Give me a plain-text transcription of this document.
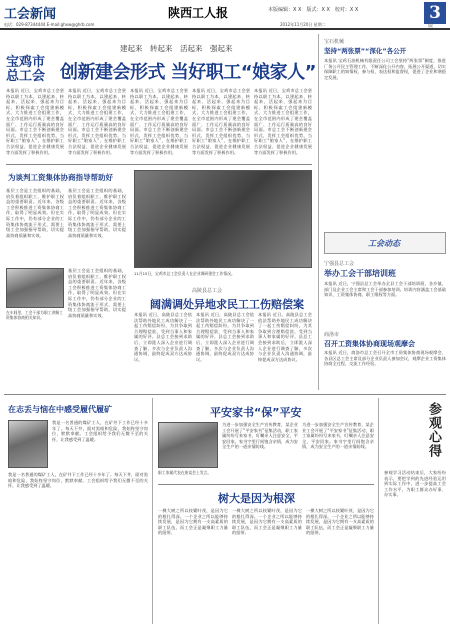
工会新闻	陕西工人报	本版编辑：X X　版式：X X　校对：X X	3
版
电话：029-87344444 E-mail:ghxw@ghrb.com	2012年11月20日 星期二
建起来　转起来　活起来　强起来
宝鸡市总工会 创新建会形式 当好职工“娘家人”
本报讯 近日，宝鸡市总工会坚持以职工为本，以建起来、转起来、活起来、强起来为目标，积极探索工会组建新模式，大力推进工会组建工作，在全市范围内形成了建会覆盖面广、工作运行质量高的良好局面。市总工会不断创新建会形式，发挥工会组织优势，当好职工“娘家人”，在维护职工合法权益、促进企业健康发展等方面发挥了积极作用。
本报讯 近日，宝鸡市总工会坚持以职工为本，以建起来、转起来、活起来、强起来为目标，积极探索工会组建新模式，大力推进工会组建工作，在全市范围内形成了建会覆盖面广、工作运行质量高的良好局面。市总工会不断创新建会形式，发挥工会组织优势，当好职工“娘家人”，在维护职工合法权益、促进企业健康发展等方面发挥了积极作用。
本报讯 近日，宝鸡市总工会坚持以职工为本，以建起来、转起来、活起来、强起来为目标，积极探索工会组建新模式，大力推进工会组建工作，在全市范围内形成了建会覆盖面广、工作运行质量高的良好局面。市总工会不断创新建会形式，发挥工会组织优势，当好职工“娘家人”，在维护职工合法权益、促进企业健康发展等方面发挥了积极作用。
本报讯 近日，宝鸡市总工会坚持以职工为本，以建起来、转起来、活起来、强起来为目标，积极探索工会组建新模式，大力推进工会组建工作，在全市范围内形成了建会覆盖面广、工作运行质量高的良好局面。市总工会不断创新建会形式，发挥工会组织优势，当好职工“娘家人”，在维护职工合法权益、促进企业健康发展等方面发挥了积极作用。
本报讯 近日，宝鸡市总工会坚持以职工为本，以建起来、转起来、活起来、强起来为目标，积极探索工会组建新模式，大力推进工会组建工作，在全市范围内形成了建会覆盖面广、工作运行质量高的良好局面。市总工会不断创新建会形式，发挥工会组织优势，当好职工“娘家人”，在维护职工合法权益、促进企业健康发展等方面发挥了积极作用。
为谈判工资集体协商指导帮助好
基层工会是工会组织的基础，肩负着组织职工、维护职工权益的重要职责。近年来，各级工会积极推进工资集体协商工作，取得了明显成效。但在实际工作中，仍有部分企业的工资集体协商流于形式，需要上级工会加强指导帮助，切实提高协商质量和实效。
基层工会是工会组织的基础，肩负着组织职工、维护职工权益的重要职责。近年来，各级工会积极推进工资集体协商工作，取得了明显成效。但在实际工作中，仍有部分企业的工资集体协商流于形式，需要上级工会加强指导帮助，切实提高协商质量和实效。
在车间里，工会干部为职工讲解工资集体协商相关知识。
基层工会是工会组织的基础，肩负着组织职工、维护职工权益的重要职责。近年来，各级工会积极推进工资集体协商工作，取得了明显成效。但在实际工作中，仍有部分企业的工资集体协商流于形式，需要上级工会加强指导帮助，切实提高协商质量和实效。
11月15日，宝鸡市总工会负责人在企业调研建会工作情况。
高陵县总工会
阔满调处异地求民工工伤赔偿案
本报讯 近日，高陵县总工会依法帮助外地民工成功解决了一起工伤赔偿纠纷，为其争取到合理赔偿款，受到当事人和家属的好评。县总工会接到求助后，立即派人深入企业进行调查了解，多次与企业负责人沟通协调，最终促成双方达成协议。
本报讯 近日，高陵县总工会依法帮助外地民工成功解决了一起工伤赔偿纠纷，为其争取到合理赔偿款，受到当事人和家属的好评。县总工会接到求助后，立即派人深入企业进行调查了解，多次与企业负责人沟通协调，最终促成双方达成协议。
本报讯 近日，高陵县总工会依法帮助外地民工成功解决了一起工伤赔偿纠纷，为其争取到合理赔偿款，受到当事人和家属的好评。县总工会接到求助后，立即派人深入企业进行调查了解，多次与企业负责人沟通协调，最终促成双方达成协议。
宝石机械
坚持“两张票”“深化”各公开
本报讯 宝鸡石油机械有限责任公司工会坚持“两张票”制度，推进厂务公开民主管理工作，不断深化公开内容，拓展公开渠道，切实保障职工的知情权、参与权、表达权和监督权，促进了企业和谐稳定发展。
工会动态
宁强县总工会
举办工会干部培训班
本报讯 近日，宁强县总工会举办全县工会干部培训班，各乡镇、部门及企业工会主席和工会干部参加培训。培训内容涵盖工会基础知识、工资集体协商、职工维权等方面。
商洛市
召开工资集体协商现场观摩会
本报讯 近日，商洛市总工会召开全市工资集体协商现场观摩会，各县区总工会主席及部分企业负责人参加会议，观摩企业工资集体协商全过程，交流工作经验。
在志丢与恼在中感受履代履矿
我是一名普通的煤矿工人，在矿井下工作已经十多年了。每天下井，面对黑暗和危险，我始终坚守岗位，默默奉献。工会组织给予我们无微不至的关怀，让我感受到了温暖。
我是一名普通的煤矿工人，在矿井下工作已经十多年了。每天下井，面对黑暗和危险，我始终坚守岗位，默默奉献。工会组织给予我们无微不至的关怀，让我感受到了温暖。
平安家书“保”平安
职工家属代表在座谈会上发言。
为进一步加强安全生产宣传教育，某企业工会开展了“平安家书”征集活动，职工家属纷纷写来家书，叮嘱亲人注意安全，平安回家。家书字里行间饱含亲情，成为安全生产的一道亲情防线。
为进一步加强安全生产宣传教育，某企业工会开展了“平安家书”征集活动，职工家属纷纷写来家书，叮嘱亲人注意安全，平安回家。家书字里行间饱含亲情，成为安全生产的一道亲情防线。
树大是因为根深
一棵大树之所以枝繁叶茂，是因为它的根扎得深。一个企业之所以能够持续发展，是因为它拥有一支高素质的职工队伍，而工会正是凝聚职工力量的纽带。
一棵大树之所以枝繁叶茂，是因为它的根扎得深。一个企业之所以能够持续发展，是因为它拥有一支高素质的职工队伍，而工会正是凝聚职工力量的纽带。
一棵大树之所以枝繁叶茂，是因为它的根扎得深。一个企业之所以能够持续发展，是因为它拥有一支高素质的职工队伍，而工会正是凝聚职工力量的纽带。
参观心得
参观学习活动结束后，大家纷纷表示，要把学到的先进经验运用到实际工作中，进一步提高工会工作水平，为职工群众办好事、办实事。
